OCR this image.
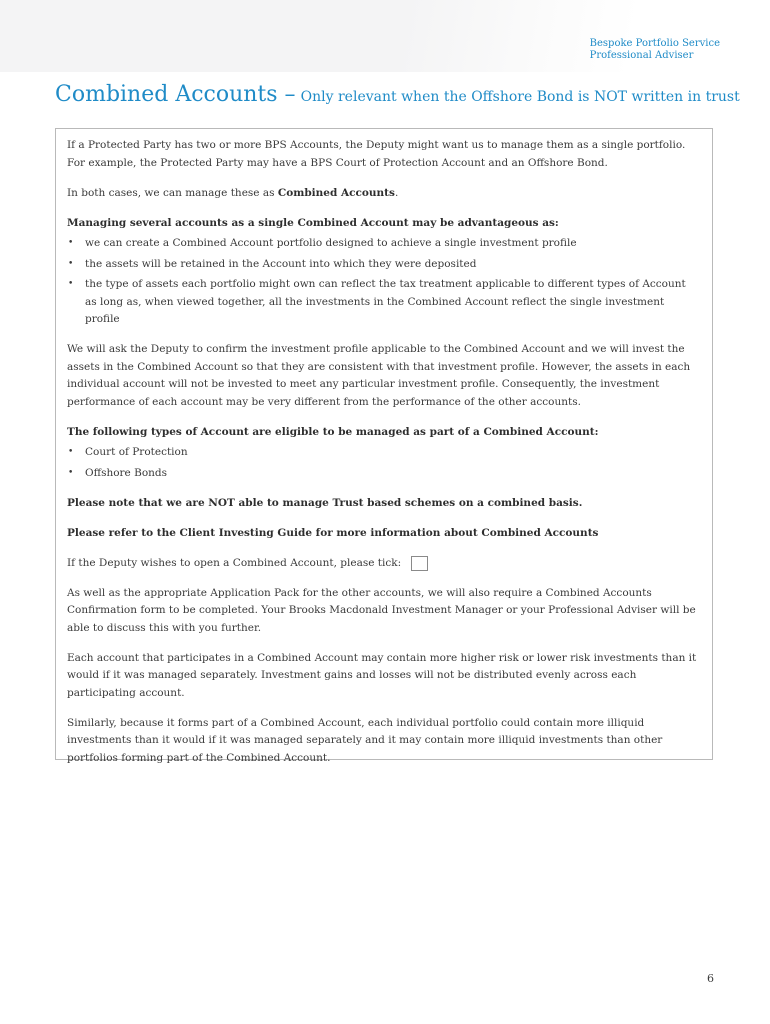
Bespoke Portfolio Service
Professional Adviser
Combined Accounts – Only relevant when the Offshore Bond is NOT written in trust

If a Protected Party has two or more BPS Accounts, the Deputy might want us to manage them as a single portfolio. For example, the Protected Party may have a BPS Court of Protection Account and an Offshore Bond.

In both cases, we can manage these as Combined Accounts.

Managing several accounts as a single Combined Account may be advantageous as:
• we can create a Combined Account portfolio designed to achieve a single investment profile
• the assets will be retained in the Account into which they were deposited
• the type of assets each portfolio might own can reflect the tax treatment applicable to different types of Account as long as, when viewed together, all the investments in the Combined Account reflect the single investment profile

We will ask the Deputy to confirm the investment profile applicable to the Combined Account and we will invest the assets in the Combined Account so that they are consistent with that investment profile. However, the assets in each individual account will not be invested to meet any particular investment profile. Consequently, the investment performance of each account may be very different from the performance of the other accounts.

The following types of Account are eligible to be managed as part of a Combined Account:
• Court of Protection
• Offshore Bonds

Please note that we are NOT able to manage Trust based schemes on a combined basis.

Please refer to the Client Investing Guide for more information about Combined Accounts

If the Deputy wishes to open a Combined Account, please tick:

As well as the appropriate Application Pack for the other accounts, we will also require a Combined Accounts Confirmation form to be completed. Your Brooks Macdonald Investment Manager or your Professional Adviser will be able to discuss this with you further.

Each account that participates in a Combined Account may contain more higher risk or lower risk investments than it would if it was managed separately. Investment gains and losses will not be distributed evenly across each participating account.

Similarly, because it forms part of a Combined Account, each individual portfolio could contain more illiquid investments than it would if it was managed separately and it may contain more illiquid investments than other portfolios forming part of the Combined Account.

6
